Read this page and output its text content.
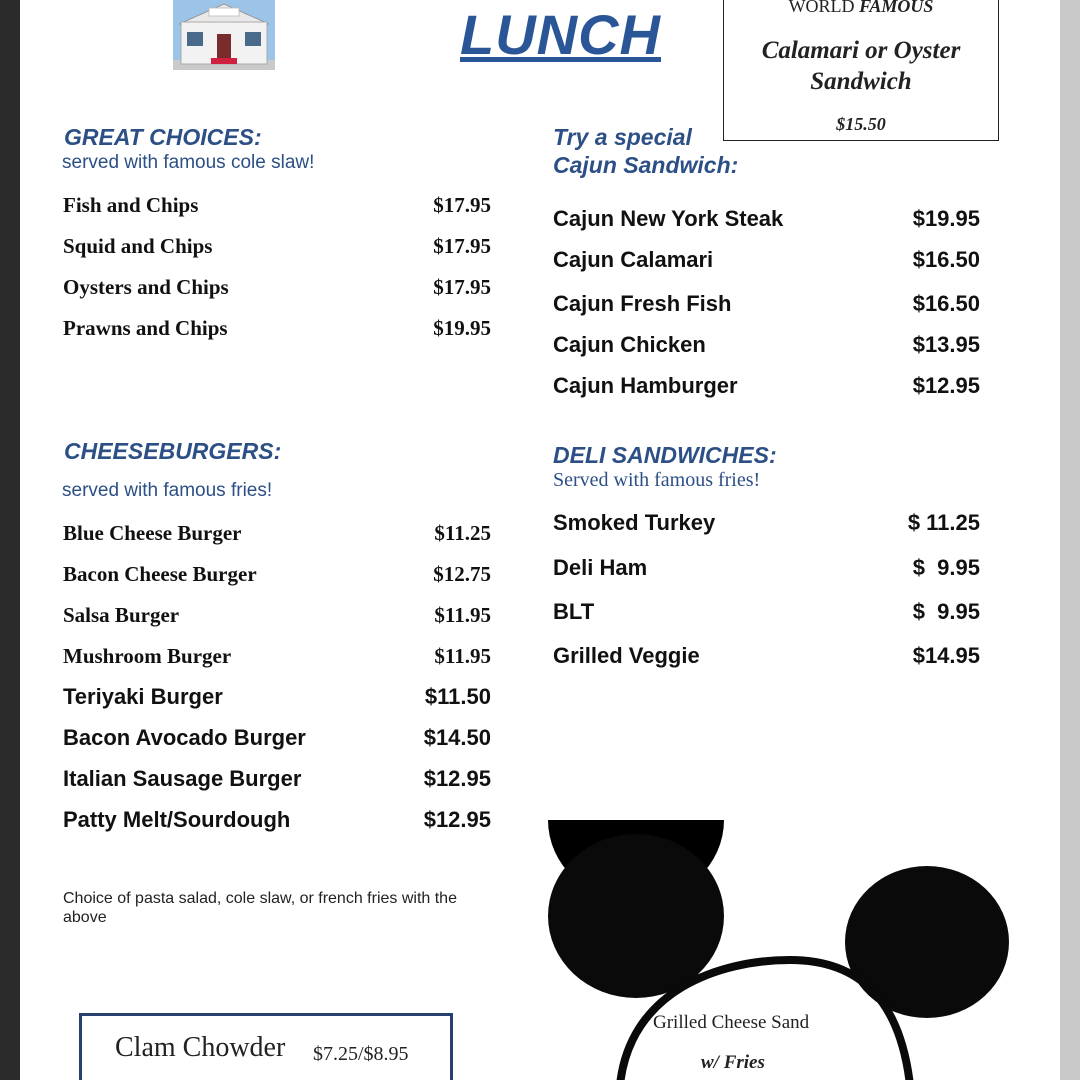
LUNCH	WORLD FAMOUS
Calamari or Oyster
Sandwich
$15.50
GREAT CHOICES:
served with famous cole slaw!
Fish and Chips	$17.95
Squid and Chips	$17.95
Oysters and Chips	$17.95
Prawns and Chips	$19.95
Try a special
Cajun Sandwich:
Cajun New York Steak	$19.95
Cajun Calamari	$16.50
Cajun Fresh Fish	$16.50
Cajun Chicken	$13.95
Cajun Hamburger	$12.95
CHEESEBURGERS:
served with famous fries!
Blue Cheese Burger	$11.25
Bacon Cheese Burger	$12.75
Salsa Burger	$11.95
Mushroom Burger	$11.95
Teriyaki Burger	$11.50
Bacon Avocado Burger	$14.50
Italian Sausage Burger	$12.95
Patty Melt/Sourdough	$12.95
Choice of pasta salad, cole slaw, or french fries with the above
DELI SANDWICHES:
Served with famous fries!
Smoked Turkey	$ 11.25
Deli Ham	$  9.95
BLT	$  9.95
Grilled Veggie	$14.95
Clam Chowder $7.25/$8.95
Grilled Cheese Sand
w/ Fries
